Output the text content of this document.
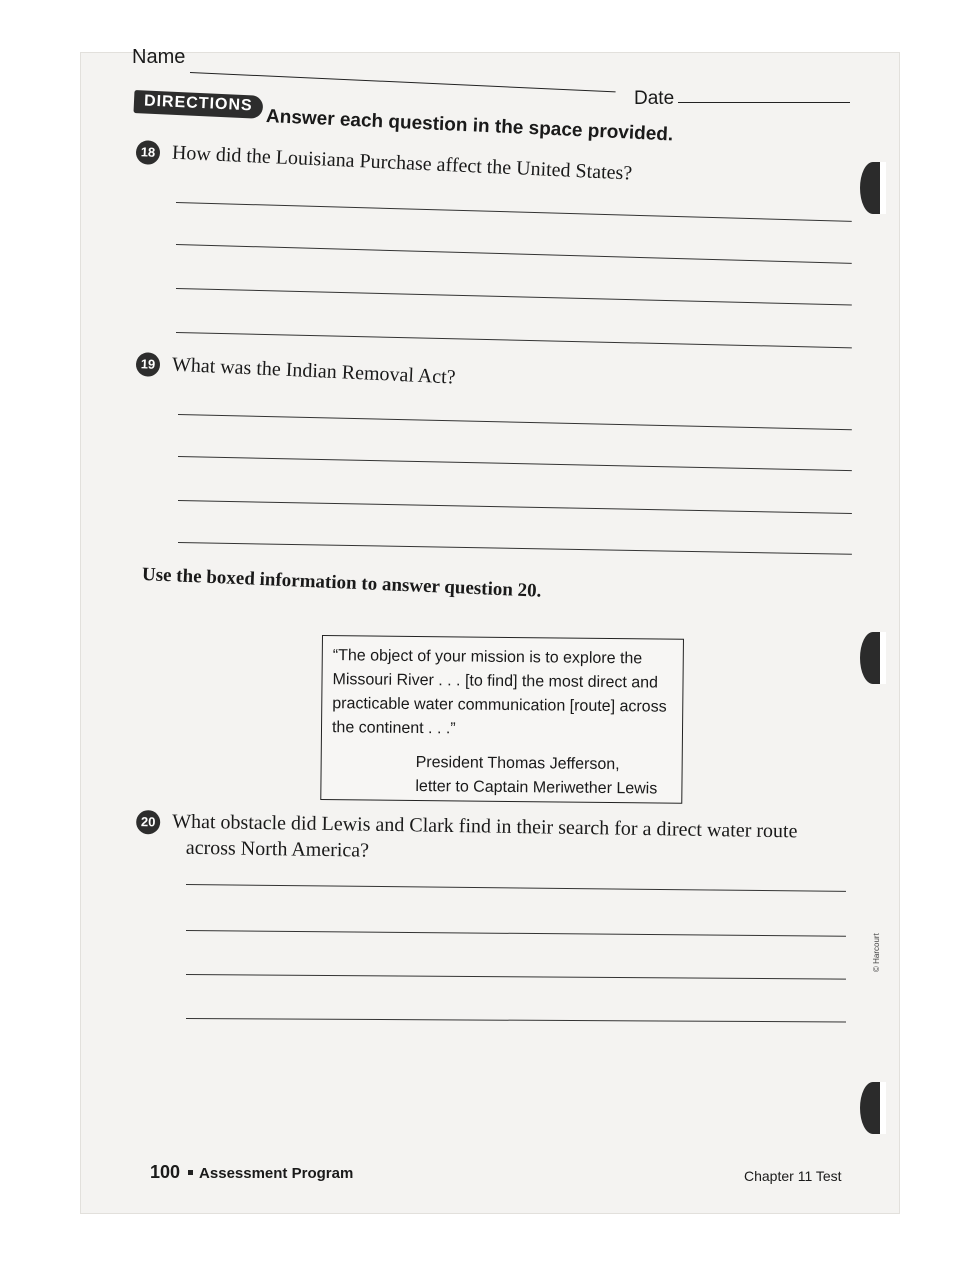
Name
Date
DIRECTIONS
Answer each question in the space provided.
18 How did the Louisiana Purchase affect the United States?
19 What was the Indian Removal Act?
Use the boxed information to answer question 20.
“The object of your mission is to explore the
Missouri River . . . [to find] the most direct and
practicable water communication [route] across
the continent . . .”
President Thomas Jefferson,
letter to Captain Meriwether Lewis
20 What obstacle did Lewis and Clark find in their search for a direct water route
across North America?
© Harcourt
100 Assessment Program	Chapter 11 Test
